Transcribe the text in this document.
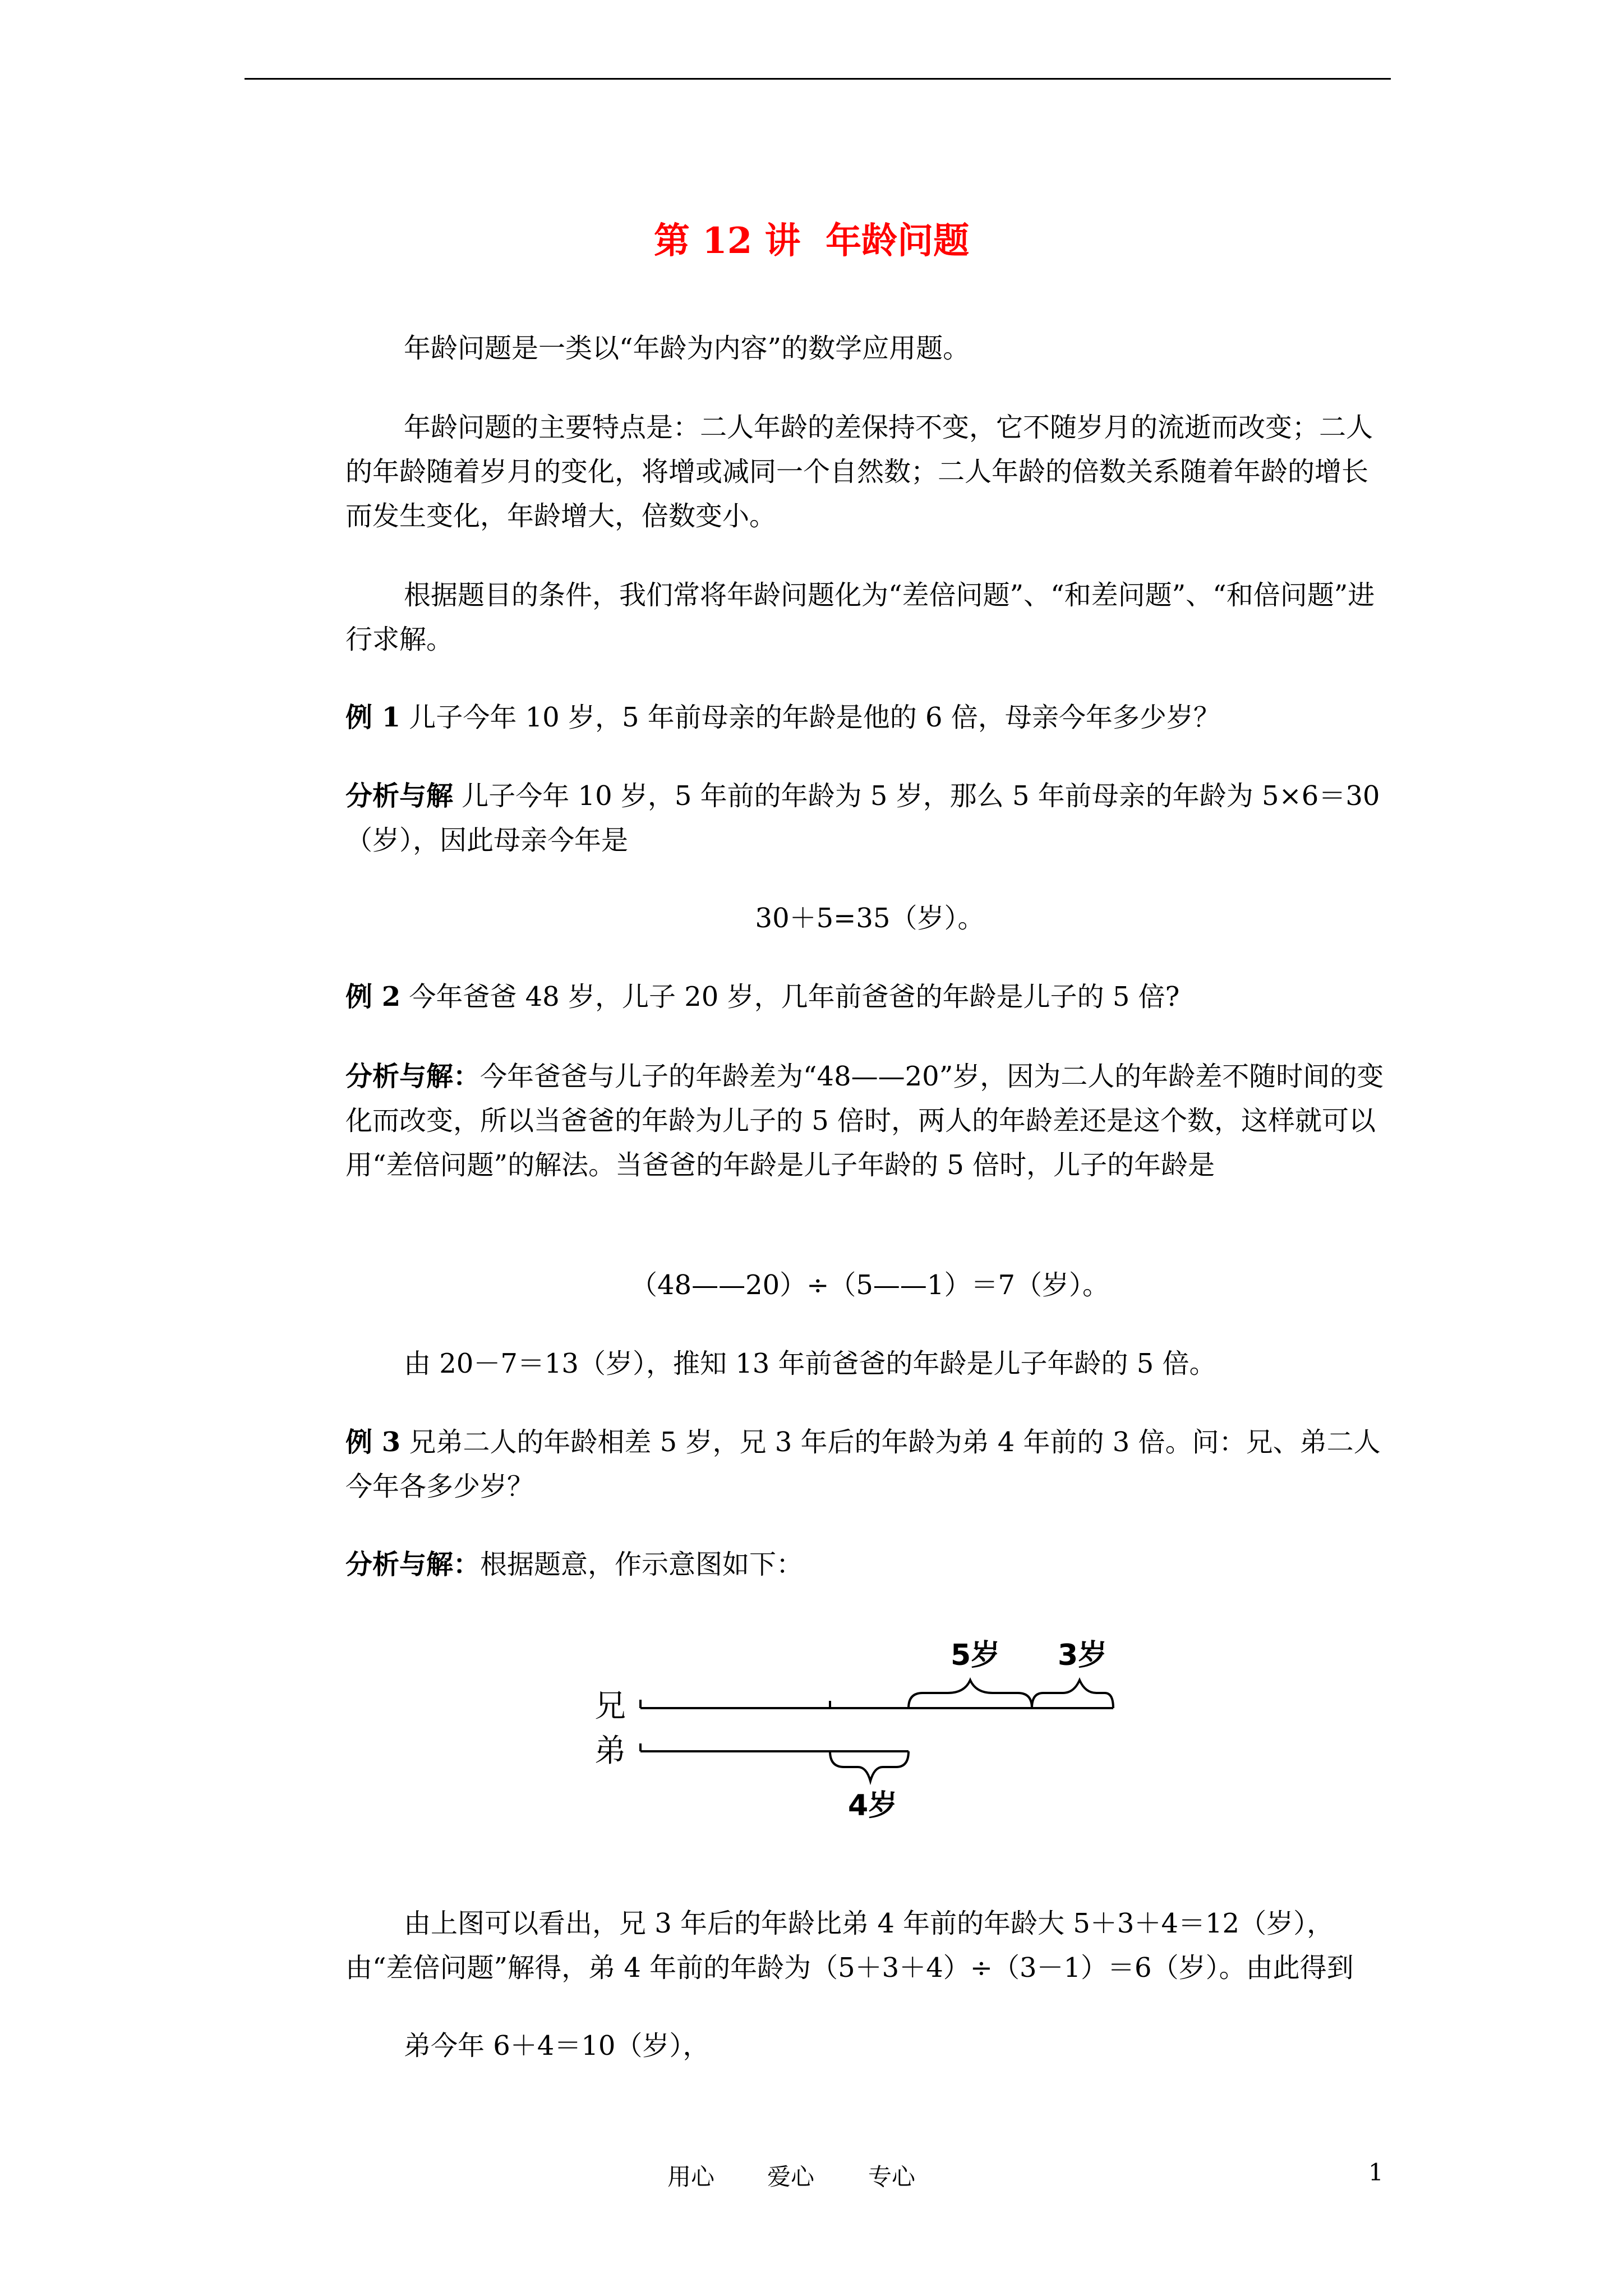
第 12 讲  年龄问题

年龄问题是一类以“年龄为内容”的数学应用题。

年龄问题的主要特点是：二人年龄的差保持不变，它不随岁月的流逝而改变；二人的年龄随着岁月的变化，将增或减同一个自然数；二人年龄的倍数关系随着年龄的增长而发生变化，年龄增大，倍数变小。

根据题目的条件，我们常将年龄问题化为“差倍问题”、“和差问题”、“和倍问题”进行求解。

例 1 儿子今年 10 岁，5 年前母亲的年龄是他的 6 倍，母亲今年多少岁？

分析与解 儿子今年 10 岁，5 年前的年龄为 5 岁，那么 5 年前母亲的年龄为 5×6＝30（岁），因此母亲今年是

30＋5=35（岁）。

例 2 今年爸爸 48 岁，儿子 20 岁，几年前爸爸的年龄是儿子的 5 倍?

分析与解：今年爸爸与儿子的年龄差为“48——20”岁，因为二人的年龄差不随时间的变化而改变，所以当爸爸的年龄为儿子的 5 倍时，两人的年龄差还是这个数，这样就可以用“差倍问题”的解法。当爸爸的年龄是儿子年龄的 5 倍时，儿子的年龄是

（48——20）÷（5——1）＝7（岁）。

由 20－7＝13（岁），推知 13 年前爸爸的年龄是儿子年龄的 5 倍。

例 3 兄弟二人的年龄相差 5 岁，兄 3 年后的年龄为弟 4 年前的 3 倍。问：兄、弟二人今年各多少岁？

分析与解：根据题意，作示意图如下：

兄
弟
5岁 3岁
4岁

由上图可以看出，兄 3 年后的年龄比弟 4 年前的年龄大 5＋3＋4＝12（岁），由“差倍问题”解得，弟 4 年前的年龄为（5＋3＋4）÷（3－1）＝6（岁）。由此得到

弟今年 6＋4＝10（岁），

用心 爱心 专心	1
